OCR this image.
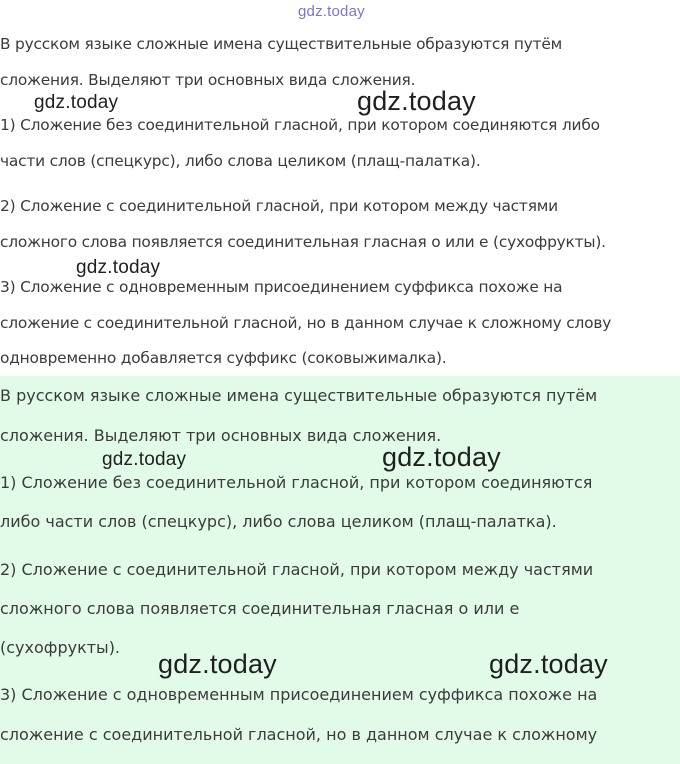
gdz.today
В русском языке сложные имена существительные образуются путём
сложения. Выделяют три основных вида сложения.
1) Сложение без соединительной гласной, при котором соединяются либо
части слов (спецкурс), либо слова целиком (плащ-палатка).
2) Сложение с соединительной гласной, при котором между частями
сложного слова появляется соединительная гласная о или е (сухофрукты).
3) Сложение с одновременным присоединением суффикса похоже на
сложение с соединительной гласной, но в данном случае к сложному слову
одновременно добавляется суффикс (соковыжималка).
gdz.today	gdz.today
gdz.today
В русском языке сложные имена существительные образуются путём
сложения. Выделяют три основных вида сложения.
1) Сложение без соединительной гласной, при котором соединяются
либо части слов (спецкурс), либо слова целиком (плащ-палатка).
2) Сложение с соединительной гласной, при котором между частями
сложного слова появляется соединительная гласная о или е
(сухофрукты).
3) Сложение с одновременным присоединением суффикса похоже на
сложение с соединительной гласной, но в данном случае к сложному
gdz.today	gdz.today
gdz.today	gdz.today
